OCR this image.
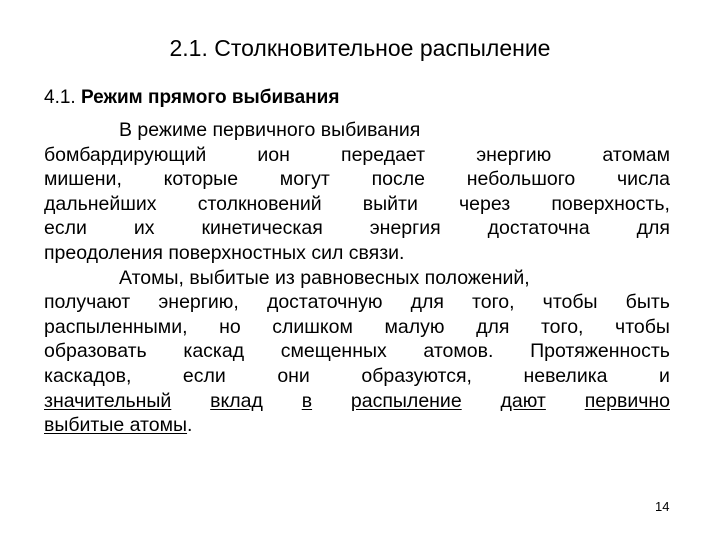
2.1. Столкновительное распыление
4.1. Режим прямого выбивания
В режиме первичного выбивания
бомбардирующий	ион	передает	энергию	атомам
мишени, которые могут после небольшого числа
дальнейших столкновений выйти через поверхность,
если их кинетическая энергия достаточна для
преодоления поверхностных сил связи.
Атомы, выбитые из равновесных положений,
получают энергию, достаточную для того, чтобы быть
распыленными, но слишком малую для того, чтобы
образовать каскад смещенных атомов. Протяженность
каскадов,	если	они	образуются,	невелика	и
значительный вклад в распыление дают первично
выбитые атомы .
14
